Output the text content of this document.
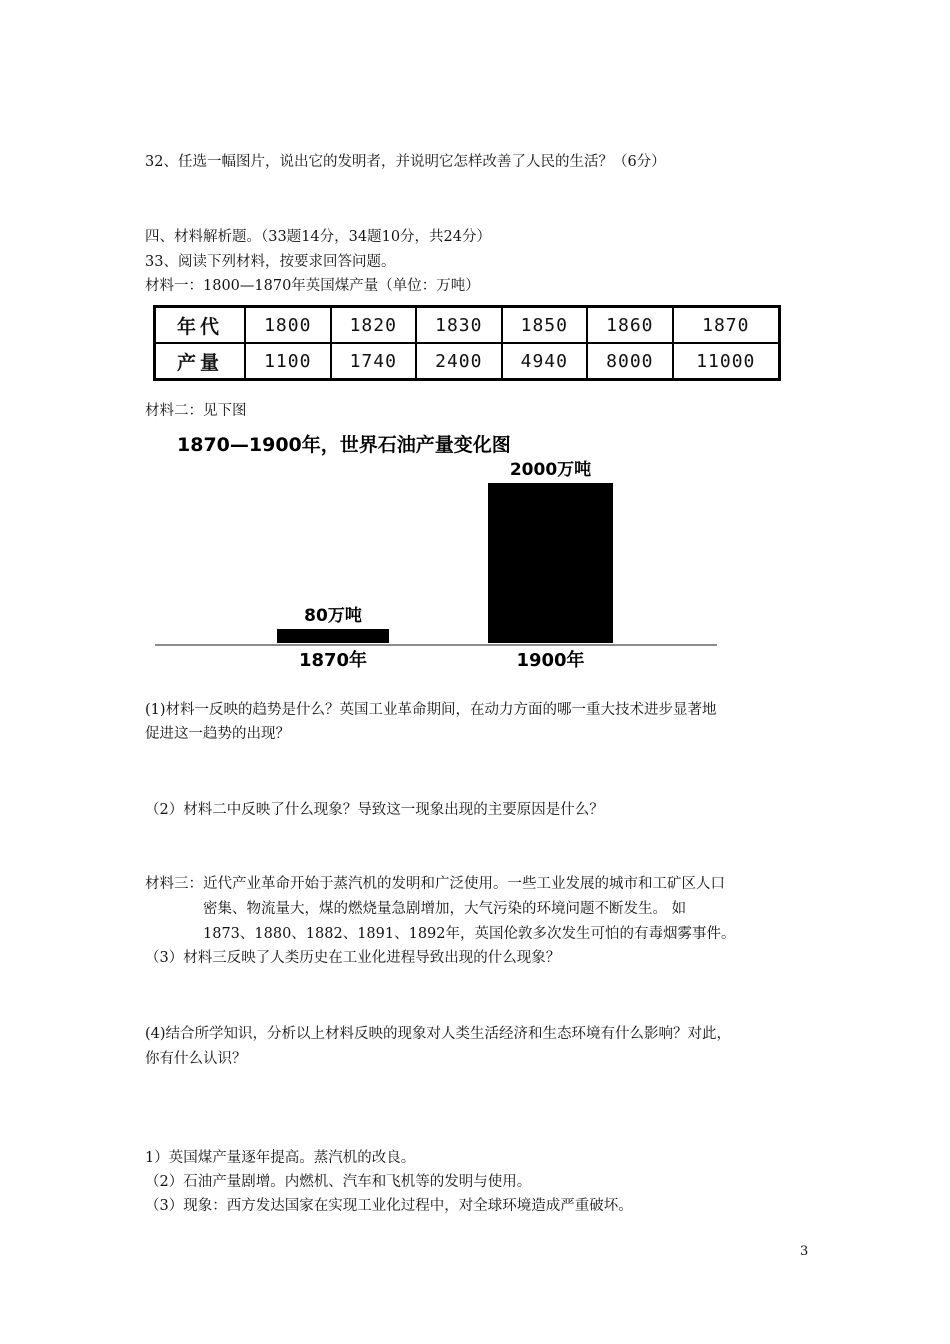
32、任选一幅图片，说出它的发明者，并说明它怎样改善了人民的生活？（6分）
四、材料解析题。（33题14分，34题10分，共24分）
33、阅读下列材料，按要求回答问题。
材料一：1800—1870年英国煤产量（单位：万吨）
年代	1800	1820	1830	1850	1860	1870
产量	1100	1740	2400	4940	8000	11000
材料二：见下图
1870—1900年，世界石油产量变化图
80万吨
1870年
2000万吨
1900年
(1)材料一反映的趋势是什么？英国工业革命期间，在动力方面的哪一重大技术进步显著地
促进这一趋势的出现？
（2）材料二中反映了什么现象？导致这一现象出现的主要原因是什么？
材料三：近代产业革命开始于蒸汽机的发明和广泛使用。一些工业发展的城市和工矿区人口
密集、物流量大，煤的燃烧量急剧增加，大气污染的环境问题不断发生。 如
1873、1880、1882、1891、1892年，英国伦敦多次发生可怕的有毒烟雾事件。
（3）材料三反映了人类历史在工业化进程导致出现的什么现象？
(4)结合所学知识，分析以上材料反映的现象对人类生活经济和生态环境有什么影响？对此，
你有什么认识？
1）英国煤产量逐年提高。蒸汽机的改良。
（2）石油产量剧增。内燃机、汽车和飞机等的发明与使用。
（3）现象：西方发达国家在实现工业化过程中，对全球环境造成严重破坏。
3
